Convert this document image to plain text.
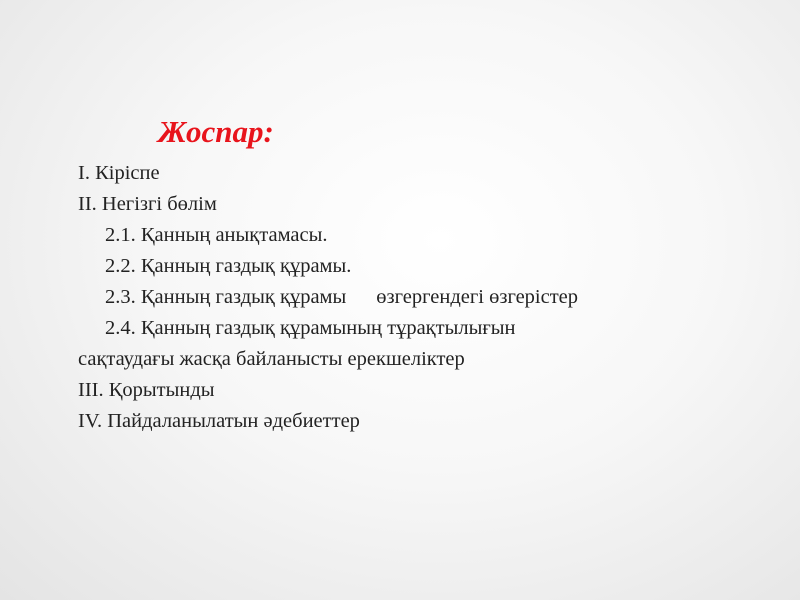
Жоспар:
I. Кіріспе
II. Негізгі бөлім
2.1. Қанның анықтамасы.
2.2. Қанның газдық құрамы.
2.3. Қанның газдық құрамы өзгергендегі өзгерістер
2.4. Қанның газдық құрамының тұрақтылығын
сақтаудағы жасқа байланысты ерекшеліктер
III. Қорытынды
IV. Пайдаланылатын әдебиеттер
